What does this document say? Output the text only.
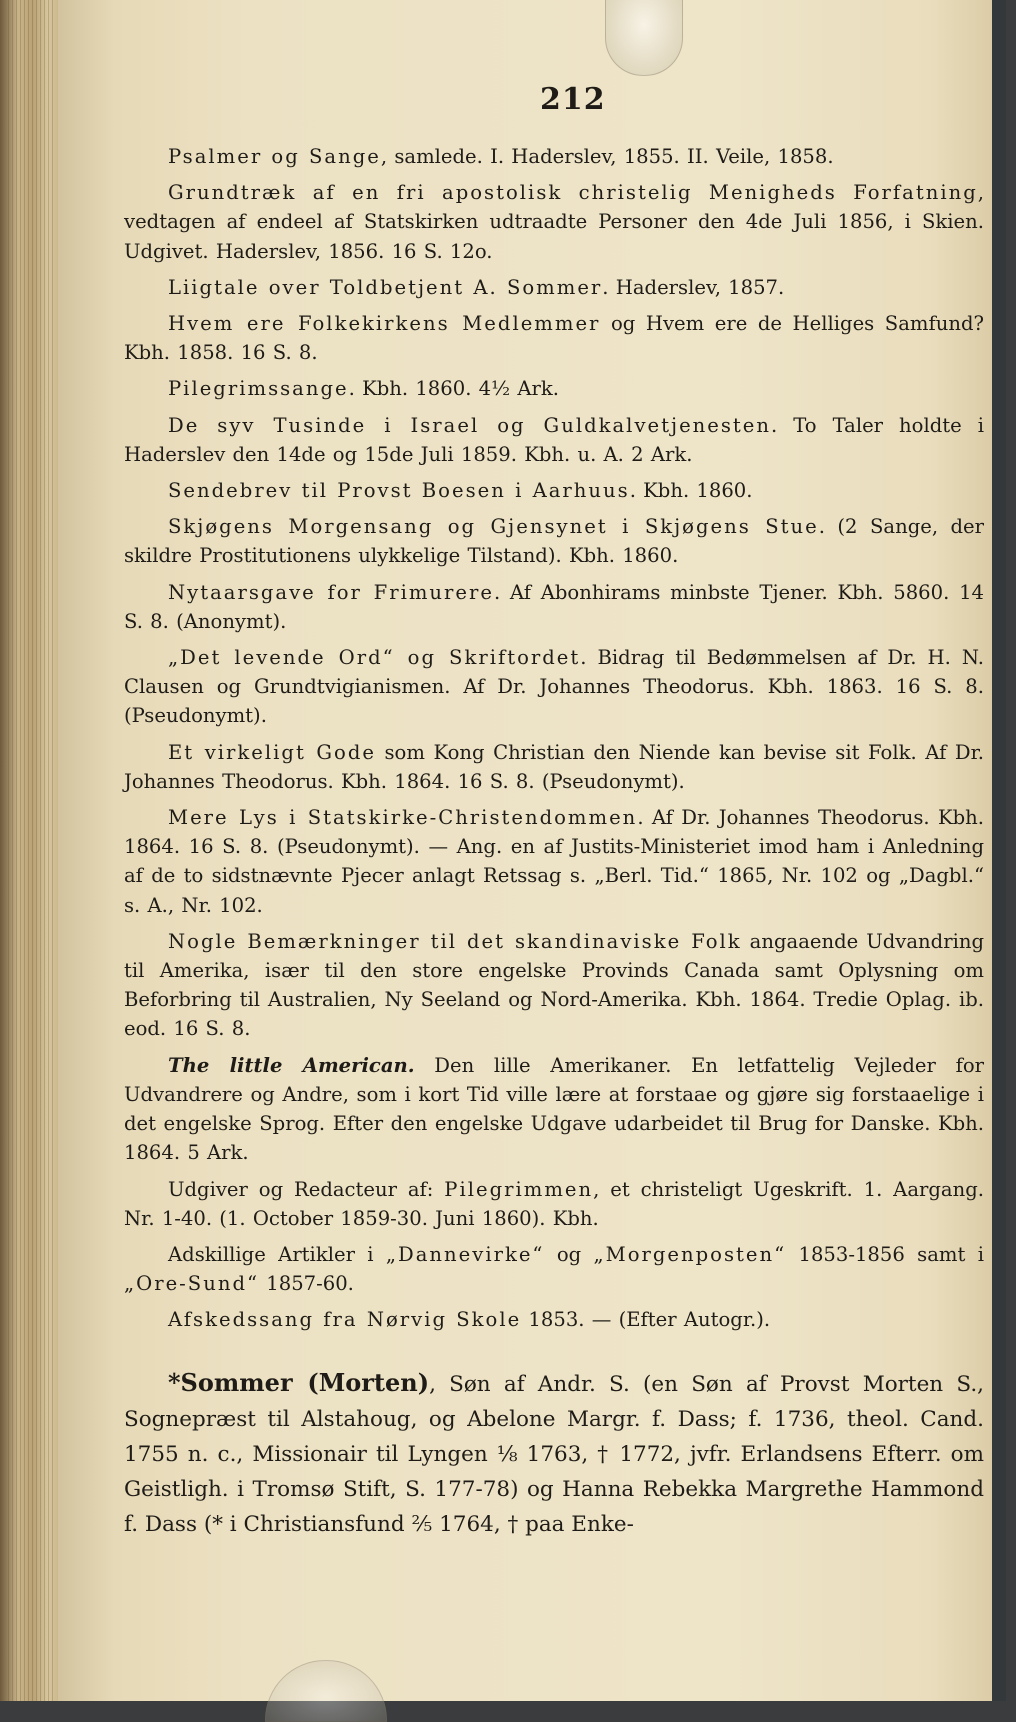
212

Psalmer og Sange, samlede. I. Haderslev, 1855. II. Veile, 1858.

Grundtræk af en fri apostolisk christelig Menigheds Forfatning, vedtagen af endeel af Statskirken udtraadte Personer den 4de Juli 1856, i Skien. Udgivet. Haderslev, 1856. 16 S. 12o.

Liigtale over Toldbetjent A. Sommer. Haderslev, 1857.

Hvem ere Folkekirkens Medlemmer og Hvem ere de Helliges Samfund? Kbh. 1858. 16 S. 8.

Pilegrimssange. Kbh. 1860. 4½ Ark.

De syv Tusinde i Israel og Guldkalvetjenesten. To Taler holdte i Haderslev den 14de og 15de Juli 1859. Kbh. u. A. 2 Ark.

Sendebrev til Provst Boesen i Aarhuus. Kbh. 1860.

Skjøgens Morgensang og Gjensynet i Skjøgens Stue. (2 Sange, der skildre Prostitutionens ulykkelige Tilstand). Kbh. 1860.

Nytaarsgave for Frimurere. Af Abonhirams minbste Tjener. Kbh. 5860. 14 S. 8. (Anonymt).

„Det levende Ord“ og Skriftordet. Bidrag til Bedømmelsen af Dr. H. N. Clausen og Grundtvigianismen. Af Dr. Johannes Theodorus. Kbh. 1863. 16 S. 8. (Pseudonymt).

Et virkeligt Gode som Kong Christian den Niende kan bevise sit Folk. Af Dr. Johannes Theodorus. Kbh. 1864. 16 S. 8. (Pseudonymt).

Mere Lys i Statskirke-Christendommen. Af Dr. Johannes Theodorus. Kbh. 1864. 16 S. 8. (Pseudonymt). — Ang. en af Justits-Ministeriet imod ham i Anledning af de to sidstnævnte Pjecer anlagt Retssag s. „Berl. Tid.“ 1865, Nr. 102 og „Dagbl.“ s. A., Nr. 102.

Nogle Bemærkninger til det skandinaviske Folk angaaende Udvandring til Amerika, især til den store engelske Provinds Canada samt Oplysning om Beforbring til Australien, Ny Seeland og Nord-Amerika. Kbh. 1864. Tredie Oplag. ib. eod. 16 S. 8.

The little American. Den lille Amerikaner. En letfattelig Vejleder for Udvandrere og Andre, som i kort Tid ville lære at forstaae og gjøre sig forstaaelige i det engelske Sprog. Efter den engelske Udgave udarbeidet til Brug for Danske. Kbh. 1864. 5 Ark.

Udgiver og Redacteur af: Pilegrimmen, et christeligt Ugeskrift. 1. Aargang. Nr. 1-40. (1. October 1859-30. Juni 1860). Kbh.

Adskillige Artikler i „Dannevirke“ og „Morgenposten“ 1853-1856 samt i „Ore-Sund“ 1857-60.

Afskedssang fra Nørvig Skole 1853. — (Efter Autogr.).

*Sommer (Morten), Søn af Andr. S. (en Søn af Provst Morten S., Sognepræst til Alstahoug, og Abelone Margr. f. Dass; f. 1736, theol. Cand. 1755 n. c., Missionair til Lyngen ⅛ 1763, † 1772, jvfr. Erlandsens Efterr. om Geistligh. i Tromsø Stift, S. 177-78) og Hanna Rebekka Margrethe Hammond f. Dass (* i Christiansfund ²⁄₅ 1764, † paa Enke-
